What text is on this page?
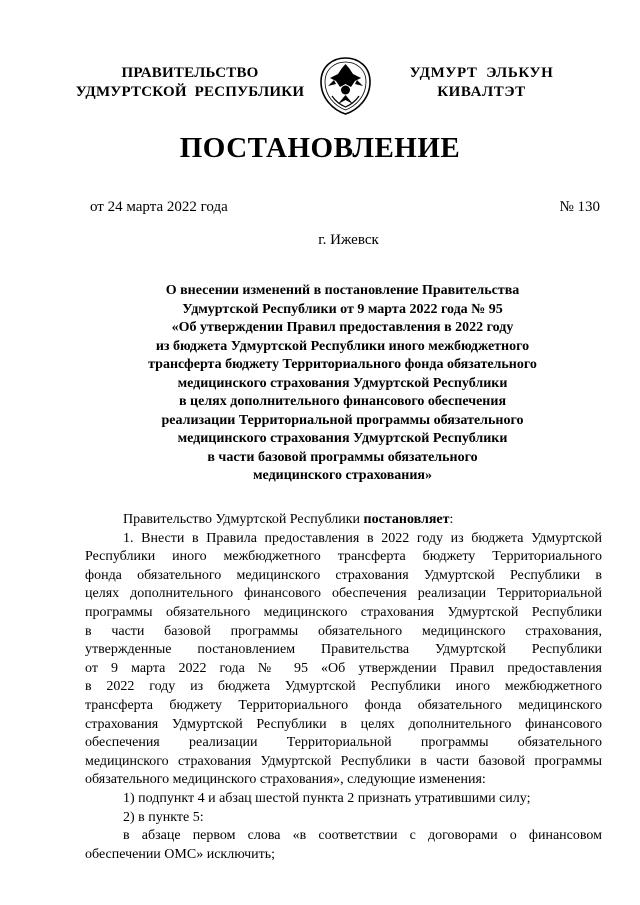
ПРАВИТЕЛЬСТВО
УДМУРТСКОЙ  РЕСПУБЛИКИ
УДМУРТ  ЭЛЬКУН
КИВАЛТЭТ
ПОСТАНОВЛЕНИЕ
от 24 марта 2022 года	№ 130
г. Ижевск
О внесении изменений в постановление Правительства
Удмуртской Республики от 9 марта 2022 года № 95
«Об утверждении Правил предоставления в 2022 году
из бюджета Удмуртской Республики иного межбюджетного
трансферта бюджету Территориального фонда обязательного
медицинского страхования Удмуртской Республики
в целях дополнительного финансового обеспечения
реализации Территориальной программы обязательного
медицинского страхования Удмуртской Республики
в части базовой программы обязательного
медицинского страхования»
Правительство Удмуртской Республики постановляет:
1. Внести в Правила предоставления в 2022 году из бюджета Удмуртской
Республики иного межбюджетного трансферта бюджету Территориального
фонда обязательного медицинского страхования Удмуртской Республики в
целях дополнительного финансового обеспечения реализации Территориальной
программы обязательного медицинского страхования Удмуртской Республики
в части базовой программы обязательного медицинского страхования,
утвержденные постановлением Правительства Удмуртской Республики
от 9 марта 2022 года № 95 «Об утверждении Правил предоставления
в 2022 году из бюджета Удмуртской Республики иного межбюджетного
трансферта бюджету Территориального фонда обязательного медицинского
страхования Удмуртской Республики в целях дополнительного финансового
обеспечения реализации Территориальной программы обязательного
медицинского страхования Удмуртской Республики в части базовой программы
обязательного медицинского страхования», следующие изменения:
1) подпункт 4 и абзац шестой пункта 2 признать утратившими силу;
2) в пункте 5:
в абзаце первом слова «в соответствии с договорами о финансовом
обеспечении ОМС» исключить;
